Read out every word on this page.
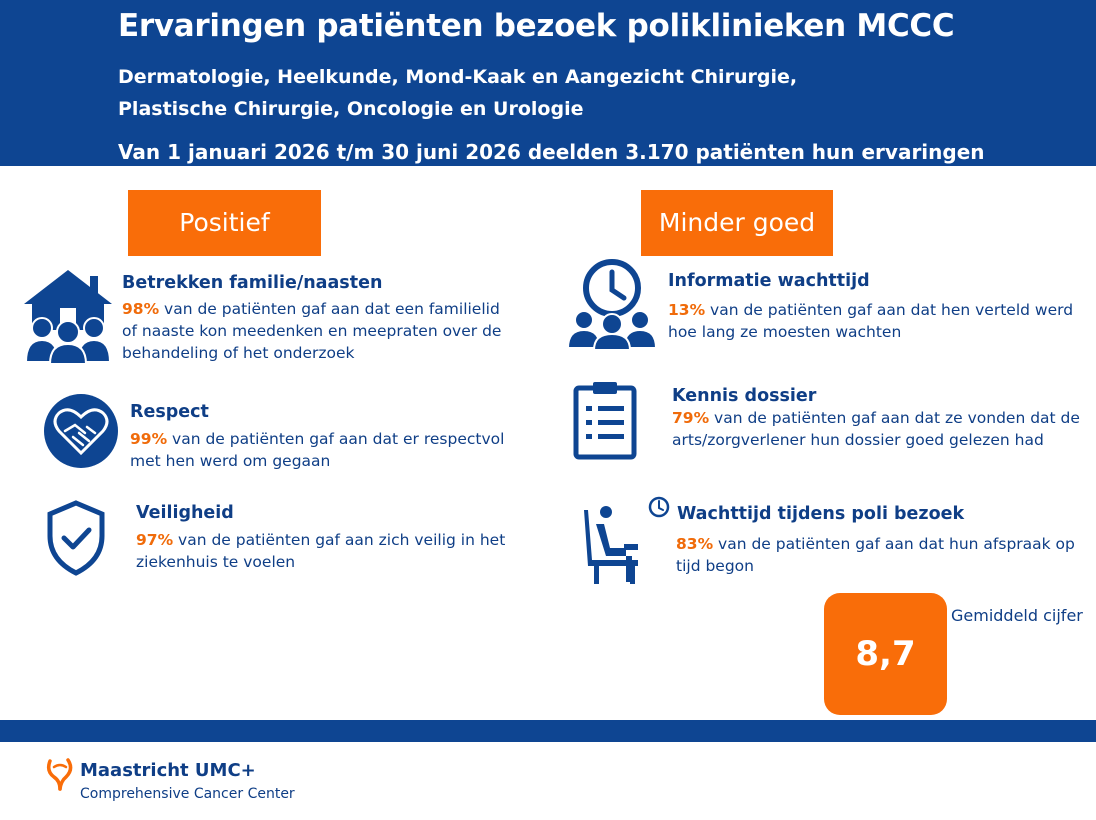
Ervaringen patiënten bezoek poliklinieken MCCC
Dermatologie, Heelkunde, Mond-Kaak en Aangezicht Chirurgie,
Plastische Chirurgie, Oncologie en Urologie
Van 1 januari 2026 t/m 30 juni 2026 deelden 3.170 patiënten hun ervaringen
Positief	Minder goed
Betrekken familie/naasten
98% van de patiënten gaf aan dat een familielid of naaste kon meedenken en meepraten over de behandeling of het onderzoek
Respect
99% van de patiënten gaf aan dat er respectvol met hen werd om gegaan
Veiligheid
97% van de patiënten gaf aan zich veilig in het ziekenhuis te voelen
Informatie wachttijd
13% van de patiënten gaf aan dat hen verteld werd hoe lang ze moesten wachten
Kennis dossier
79% van de patiënten gaf aan dat ze vonden dat de arts/zorgverlener hun dossier goed gelezen had
Wachttijd tijdens poli bezoek
83% van de patiënten gaf aan dat hun afspraak op tijd begon
8,7
Gemiddeld cijfer
Maastricht UMC+
Comprehensive Cancer Center
